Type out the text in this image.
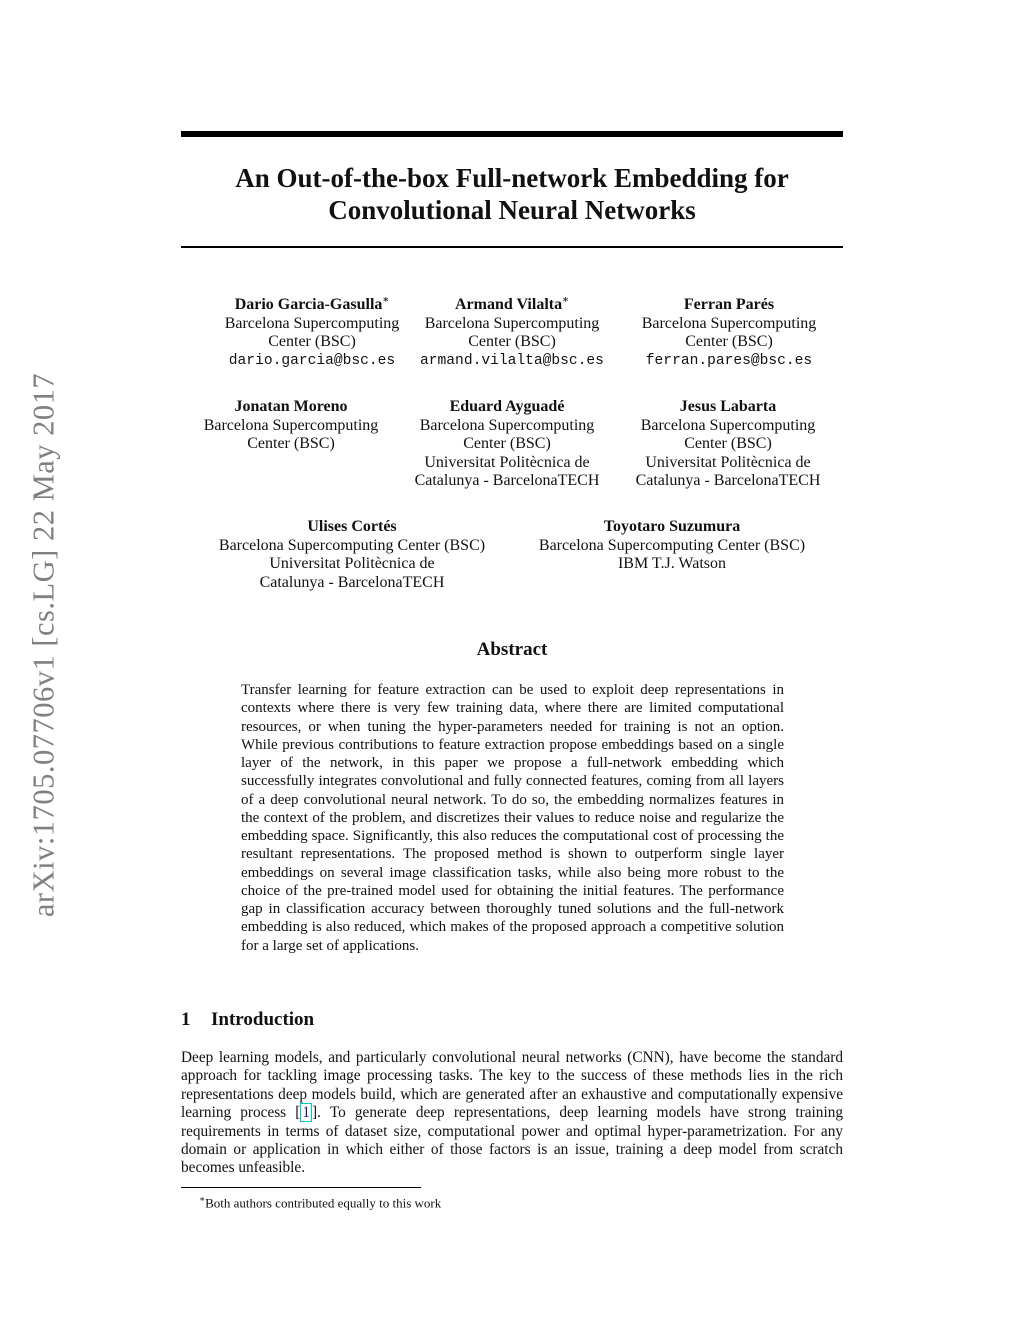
arXiv:1705.07706v1 [cs.LG] 22 May 2017
An Out-of-the-box Full-network Embedding for
Convolutional Neural Networks
Dario Garcia-Gasulla∗
Barcelona Supercomputing
Center (BSC)
dario.garcia@bsc.es
Armand Vilalta∗
Barcelona Supercomputing
Center (BSC)
armand.vilalta@bsc.es
Ferran Parés
Barcelona Supercomputing
Center (BSC)
ferran.pares@bsc.es
Jonatan Moreno
Barcelona Supercomputing
Center (BSC)
Eduard Ayguadé
Barcelona Supercomputing
Center (BSC)
Universitat Politècnica de
Catalunya - BarcelonaTECH
Jesus Labarta
Barcelona Supercomputing
Center (BSC)
Universitat Politècnica de
Catalunya - BarcelonaTECH
Ulises Cortés
Barcelona Supercomputing Center (BSC)
Universitat Politècnica de
Catalunya - BarcelonaTECH
Toyotaro Suzumura
Barcelona Supercomputing Center (BSC)
IBM T.J. Watson
Abstract

Transfer learning for feature extraction can be used to exploit deep representations in contexts where there is very few training data, where there are limited computational resources, or when tuning the hyper-parameters needed for training is not an option. While previous contributions to feature extraction propose embeddings based on a single layer of the network, in this paper we propose a full-network embedding which successfully integrates convolutional and fully connected features, coming from all layers of a deep convolutional neural network. To do so, the embedding normalizes features in the context of the problem, and discretizes their values to reduce noise and regularize the embedding space. Significantly, this also reduces the computational cost of processing the resultant representations. The proposed method is shown to outperform single layer embeddings on several image classification tasks, while also being more robust to the choice of the pre-trained model used for obtaining the initial features. The performance gap in classification accuracy between thoroughly tuned solutions and the full-network embedding is also reduced, which makes of the proposed approach a competitive solution for a large set of applications.

1 Introduction

Deep learning models, and particularly convolutional neural networks (CNN), have become the standard approach for tackling image processing tasks. The key to the success of these methods lies in the rich representations deep models build, which are generated after an exhaustive and computationally expensive learning process [ 1 ]. To generate deep representations, deep learning models have strong training requirements in terms of dataset size, computational power and optimal hyper-parametrization. For any domain or application in which either of those factors is an issue, training a deep model from scratch becomes unfeasible.

∗Both authors contributed equally to this work
